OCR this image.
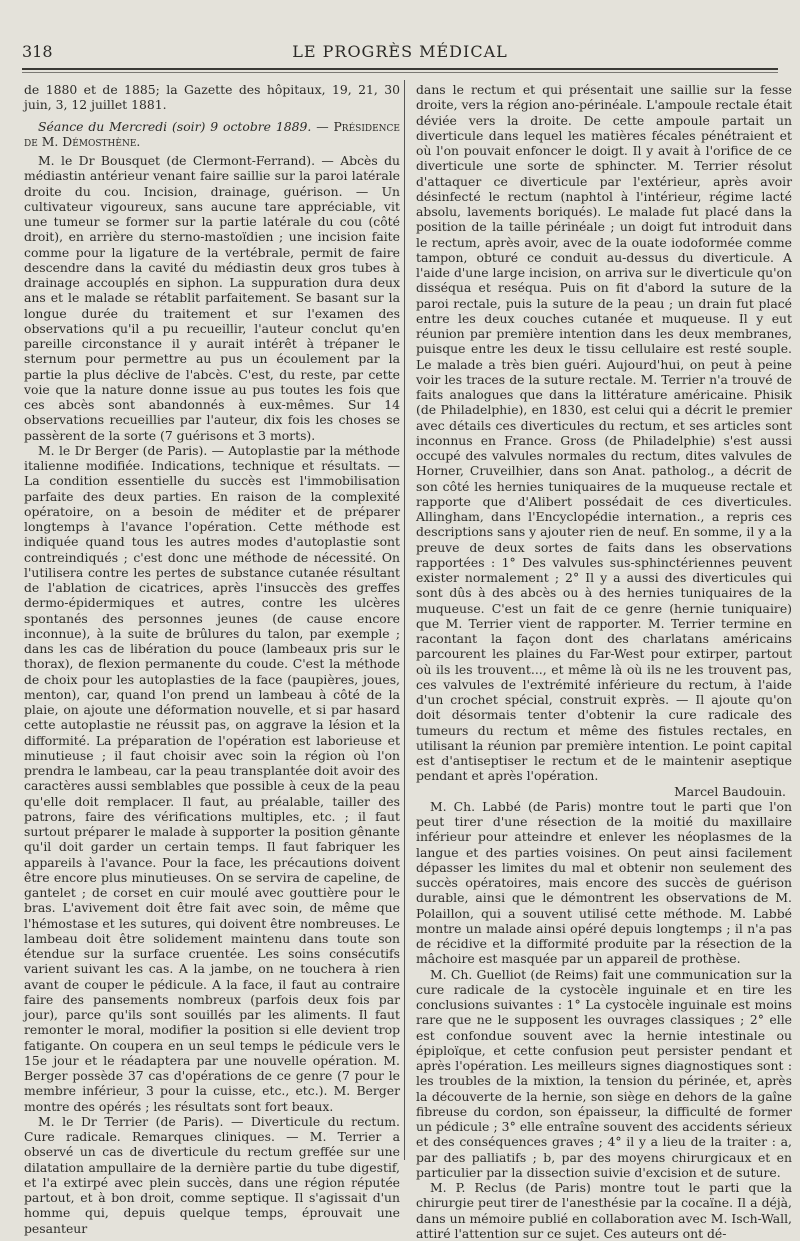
318	LE PROGRÈS MÉDICAL

de 1880 et de 1885; la Gazette des hôpitaux, 19, 21, 30 juin, 3, 12 juillet 1881.

Séance du Mercredi (soir) 9 octobre 1889. — Présidence de M. Démosthène.

M. le Dr Bousquet (de Clermont-Ferrand). — Abcès du médiastin antérieur venant faire saillie sur la paroi latérale droite du cou. Incision, drainage, guérison. — Un cultivateur vigoureux, sans aucune tare appréciable, vit une tumeur se former sur la partie latérale du cou (côté droit), en arrière du sterno-mastoïdien ; une incision faite comme pour la ligature de la vertébrale, permit de faire descendre dans la cavité du médiastin deux gros tubes à drainage accouplés en siphon. La suppuration dura deux ans et le malade se rétablit parfaitement. Se basant sur la longue durée du traitement et sur l'examen des observations qu'il a pu recueillir, l'auteur conclut qu'en pareille circonstance il y aurait intérêt à trépaner le sternum pour permettre au pus un écoulement par la partie la plus déclive de l'abcès. C'est, du reste, par cette voie que la nature donne issue au pus toutes les fois que ces abcès sont abandonnés à eux-mêmes. Sur 14 observations recueillies par l'auteur, dix fois les choses se passèrent de la sorte (7 guérisons et 3 morts).

M. le Dr Berger (de Paris). — Autoplastie par la méthode italienne modifiée. Indications, technique et résultats. — La condition essentielle du succès est l'immobilisation parfaite des deux parties. En raison de la complexité opératoire, on a besoin de méditer et de préparer longtemps à l'avance l'opération. Cette méthode est indiquée quand tous les autres modes d'autoplastie sont contreindiqués ; c'est donc une méthode de nécessité. On l'utilisera contre les pertes de substance cutanée résultant de l'ablation de cicatrices, après l'insuccès des greffes dermo-épidermiques et autres, contre les ulcères spontanés des personnes jeunes (de cause encore inconnue), à la suite de brûlures du talon, par exemple ; dans les cas de libération du pouce (lambeaux pris sur le thorax), de flexion permanente du coude. C'est la méthode de choix pour les autoplasties de la face (paupières, joues, menton), car, quand l'on prend un lambeau à côté de la plaie, on ajoute une déformation nouvelle, et si par hasard cette autoplastie ne réussit pas, on aggrave la lésion et la difformité. La préparation de l'opération est laborieuse et minutieuse ; il faut choisir avec soin la région où l'on prendra le lambeau, car la peau transplantée doit avoir des caractères aussi semblables que possible à ceux de la peau qu'elle doit remplacer. Il faut, au préalable, tailler des patrons, faire des vérifications multiples, etc. ; il faut surtout préparer le malade à supporter la position gênante qu'il doit garder un certain temps. Il faut fabriquer les appareils à l'avance. Pour la face, les précautions doivent être encore plus minutieuses. On se servira de capeline, de gantelet ; de corset en cuir moulé avec gouttière pour le bras. L'avivement doit être fait avec soin, de même que l'hémostase et les sutures, qui doivent être nombreuses. Le lambeau doit être solidement maintenu dans toute son étendue sur la surface cruentée. Les soins consécutifs varient suivant les cas. A la jambe, on ne touchera à rien avant de couper le pédicule. A la face, il faut au contraire faire des pansements nombreux (parfois deux fois par jour), parce qu'ils sont souillés par les aliments. Il faut remonter le moral, modifier la position si elle devient trop fatigante. On coupera en un seul temps le pédicule vers le 15e jour et le réadaptera par une nouvelle opération. M. Berger possède 37 cas d'opérations de ce genre (7 pour le membre inférieur, 3 pour la cuisse, etc., etc.). M. Berger montre des opérés ; les résultats sont fort beaux.

M. le Dr Terrier (de Paris). — Diverticule du rectum. Cure radicale. Remarques cliniques. — M. Terrier a observé un cas de diverticule du rectum greffée sur une dilatation ampullaire de la dernière partie du tube digestif, et l'a extirpé avec plein succès, dans une région réputée partout, et à bon droit, comme septique. Il s'agissait d'un homme qui, depuis quelque temps, éprouvait une pesanteur

dans le rectum et qui présentait une saillie sur la fesse droite, vers la région ano-périnéale. L'ampoule rectale était déviée vers la droite. De cette ampoule partait un diverticule dans lequel les matières fécales pénétraient et où l'on pouvait enfoncer le doigt. Il y avait à l'orifice de ce diverticule une sorte de sphincter. M. Terrier résolut d'attaquer ce diverticule par l'extérieur, après avoir désinfecté le rectum (naphtol à l'intérieur, régime lacté absolu, lavements boriqués). Le malade fut placé dans la position de la taille périnéale ; un doigt fut introduit dans le rectum, après avoir, avec de la ouate iodoformée comme tampon, obturé ce conduit au-dessus du diverticule. A l'aide d'une large incision, on arriva sur le diverticule qu'on disséqua et reséqua. Puis on fit d'abord la suture de la paroi rectale, puis la suture de la peau ; un drain fut placé entre les deux couches cutanée et muqueuse. Il y eut réunion par première intention dans les deux membranes, puisque entre les deux le tissu cellulaire est resté souple. Le malade a très bien guéri. Aujourd'hui, on peut à peine voir les traces de la suture rectale. M. Terrier n'a trouvé de faits analogues que dans la littérature américaine. Phisik (de Philadelphie), en 1830, est celui qui a décrit le premier avec détails ces diverticules du rectum, et ses articles sont inconnus en France. Gross (de Philadelphie) s'est aussi occupé des valvules normales du rectum, dites valvules de Horner, Cruveilhier, dans son Anat. patholog., a décrit de son côté les hernies tuniquaires de la muqueuse rectale et rapporte que d'Alibert possédait de ces diverticules. Allingham, dans l'Encyclopédie internation., a repris ces descriptions sans y ajouter rien de neuf. En somme, il y a la preuve de deux sortes de faits dans les observations rapportées : 1° Des valvules sus-sphinctériennes peuvent exister normalement ; 2° Il y a aussi des diverticules qui sont dûs à des abcès ou à des hernies tuniquaires de la muqueuse. C'est un fait de ce genre (hernie tuniquaire) que M. Terrier vient de rapporter. M. Terrier termine en racontant la façon dont des charlatans américains parcourent les plaines du Far-West pour extirper, partout où ils les trouvent..., et même là où ils ne les trouvent pas, ces valvules de l'extrémité inférieure du rectum, à l'aide d'un crochet spécial, construit exprès. — Il ajoute qu'on doit désormais tenter d'obtenir la cure radicale des tumeurs du rectum et même des fistules rectales, en utilisant la réunion par première intention. Le point capital est d'antiseptiser le rectum et de le maintenir aseptique pendant et après l'opération.

Marcel Baudouin.

M. Ch. Labbé (de Paris) montre tout le parti que l'on peut tirer d'une résection de la moitié du maxillaire inférieur pour atteindre et enlever les néoplasmes de la langue et des parties voisines. On peut ainsi facilement dépasser les limites du mal et obtenir non seulement des succès opératoires, mais encore des succès de guérison durable, ainsi que le démontrent les observations de M. Polaillon, qui a souvent utilisé cette méthode. M. Labbé montre un malade ainsi opéré depuis longtemps ; il n'a pas de récidive et la difformité produite par la résection de la mâchoire est masquée par un appareil de prothèse.

M. Ch. Guelliot (de Reims) fait une communication sur la cure radicale de la cystocèle inguinale et en tire les conclusions suivantes : 1° La cystocèle inguinale est moins rare que ne le supposent les ouvrages classiques ; 2° elle est confondue souvent avec la hernie intestinale ou épiploïque, et cette confusion peut persister pendant et après l'opération. Les meilleurs signes diagnostiques sont : les troubles de la mixtion, la tension du périnée, et, après la découverte de la hernie, son siège en dehors de la gaîne fibreuse du cordon, son épaisseur, la difficulté de former un pédicule ; 3° elle entraîne souvent des accidents sérieux et des conséquences graves ; 4° il y a lieu de la traiter : a, par des palliatifs ; b, par des moyens chirurgicaux et en particulier par la dissection suivie d'excision et de suture.

M. P. Reclus (de Paris) montre tout le parti que la chirurgie peut tirer de l'anesthésie par la cocaïne. Il a déjà, dans un mémoire publié en collaboration avec M. Isch-Wall, attiré l'attention sur ce sujet. Ces auteurs ont dé-
